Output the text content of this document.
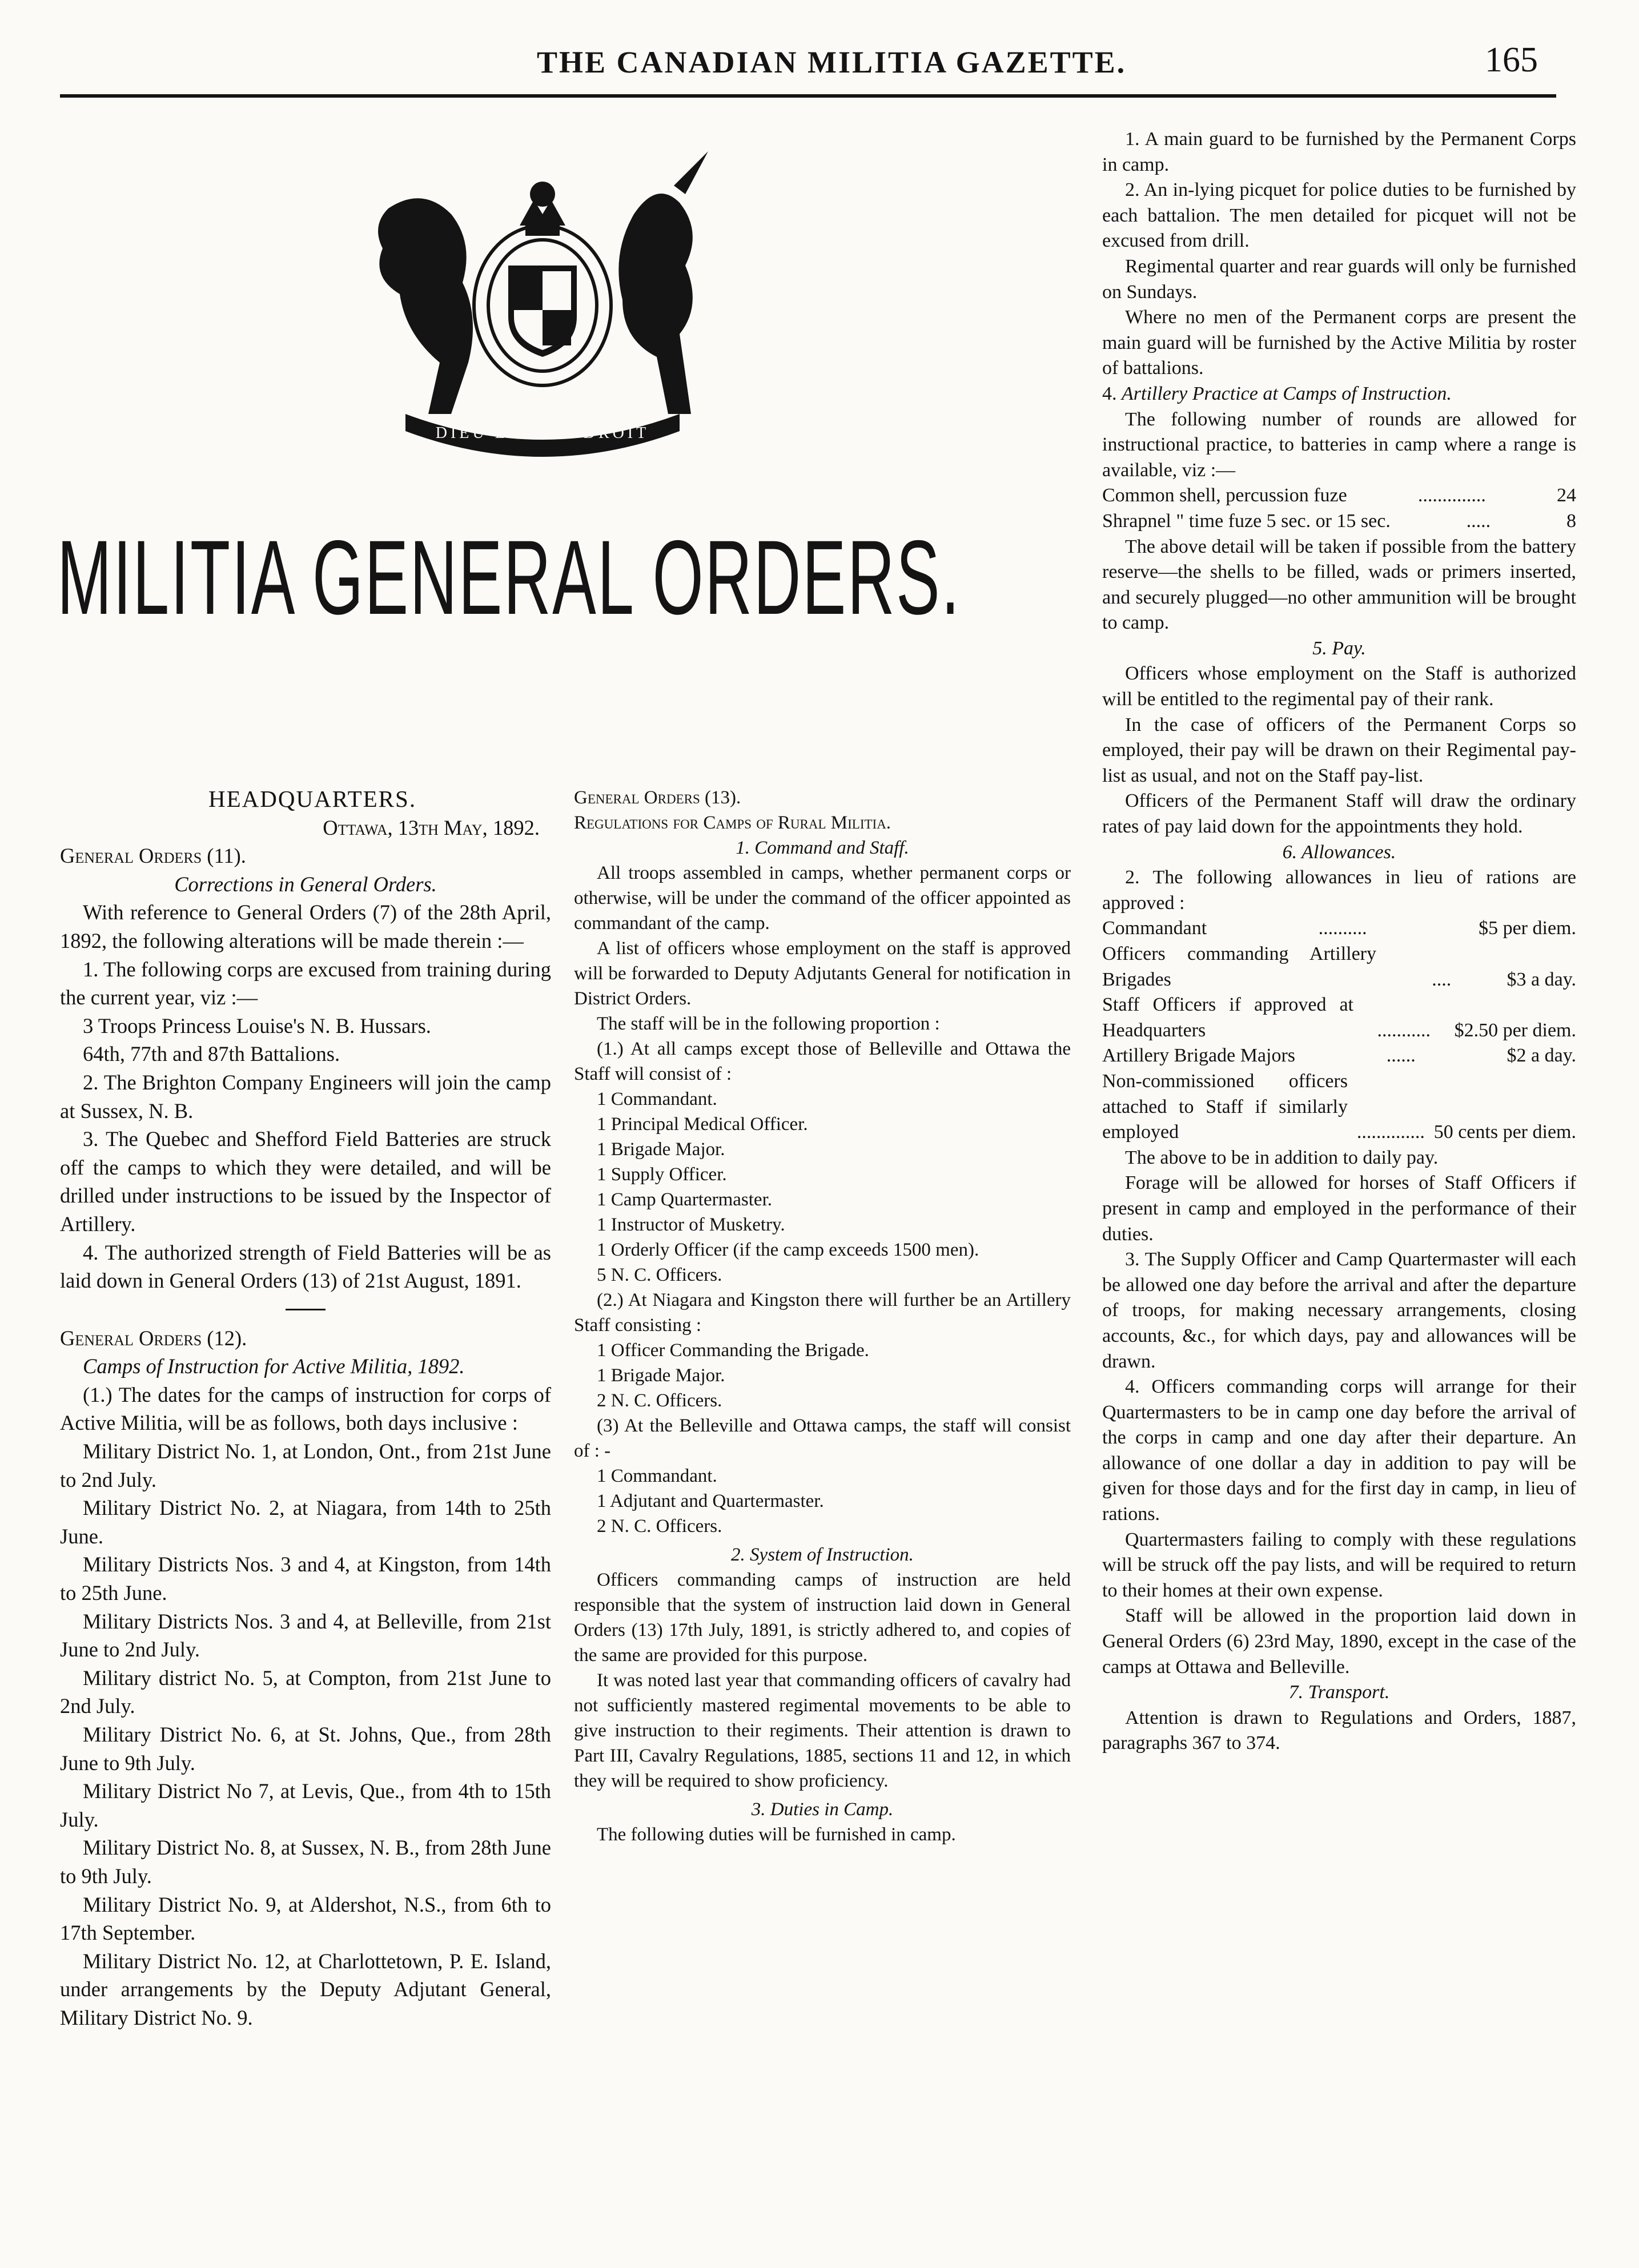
THE CANADIAN MILITIA GAZETTE.	165
DIEU ET MON DROIT
MILITIA GENERAL ORDERS.

HEADQUARTERS.

Ottawa, 13th May, 1892.

General Orders (11).

Corrections in General Orders.

With reference to General Orders (7) of the 28th April, 1892, the following alterations will be made therein :—

1. The following corps are excused from training during the current year, viz :—

3 Troops Princess Louise's N. B. Hussars.

64th, 77th and 87th Battalions.

2. The Brighton Company Engineers will join the camp at Sussex, N. B.

3. The Quebec and Shefford Field Batteries are struck off the camps to which they were detailed, and will be drilled under instructions to be issued by the Inspector of Artillery.

4. The authorized strength of Field Batteries will be as laid down in General Orders (13) of 21st August, 1891.

General Orders (12).

Camps of Instruction for Active Militia, 1892.

(1.) The dates for the camps of instruction for corps of Active Militia, will be as follows, both days inclusive :

Military District No. 1, at London, Ont., from 21st June to 2nd July.

Military District No. 2, at Niagara, from 14th to 25th June.

Military Districts Nos. 3 and 4, at Kingston, from 14th to 25th June.

Military Districts Nos. 3 and 4, at Belleville, from 21st June to 2nd July.

Military district No. 5, at Compton, from 21st June to 2nd July.

Military District No. 6, at St. Johns, Que., from 28th June to 9th July.

Military District No 7, at Levis, Que., from 4th to 15th July.

Military District No. 8, at Sussex, N. B., from 28th June to 9th July.

Military District No. 9, at Aldershot, N.S., from 6th to 17th September.

Military District No. 12, at Charlottetown, P. E. Island, under arrangements by the Deputy Adjutant General, Military District No. 9.

General Orders (13).

Regulations for Camps of Rural Militia.

1. Command and Staff.

All troops assembled in camps, whether permanent corps or otherwise, will be under the command of the officer appointed as commandant of the camp.

A list of officers whose employment on the staff is approved will be forwarded to Deputy Adjutants General for notification in District Orders.

The staff will be in the following proportion :

(1.) At all camps except those of Belleville and Ottawa the Staff will consist of :

1 Commandant.

1 Principal Medical Officer.

1 Brigade Major.

1 Supply Officer.

1 Camp Quartermaster.

1 Instructor of Musketry.

1 Orderly Officer (if the camp exceeds 1500 men).

5 N. C. Officers.

(2.) At Niagara and Kingston there will further be an Artillery Staff consisting :

1 Officer Commanding the Brigade.

1 Brigade Major.

2 N. C. Officers.

(3) At the Belleville and Ottawa camps, the staff will consist of : -

1 Commandant.

1 Adjutant and Quartermaster.

2 N. C. Officers.

2. System of Instruction.

Officers commanding camps of instruction are held responsible that the system of instruction laid down in General Orders (13) 17th July, 1891, is strictly adhered to, and copies of the same are provided for this purpose.

It was noted last year that commanding officers of cavalry had not sufficiently mastered regimental movements to be able to give instruction to their regiments. Their attention is drawn to Part III, Cavalry Regulations, 1885, sections 11 and 12, in which they will be required to show proficiency.

3. Duties in Camp.

The following duties will be furnished in camp.

1. A main guard to be furnished by the Permanent Corps in camp.

2. An in-lying picquet for police duties to be furnished by each battalion. The men detailed for picquet will not be excused from drill.

Regimental quarter and rear guards will only be furnished on Sundays.

Where no men of the Permanent corps are present the main guard will be furnished by the Active Militia by roster of battalions.

4. Artillery Practice at Camps of Instruction.

The following number of rounds are allowed for instructional practice, to batteries in camp where a range is available, viz :—

Common shell, percussion fuze	..............	24
Shrapnel " time fuze 5 sec. or 15 sec.	.....	8

The above detail will be taken if possible from the battery reserve—the shells to be filled, wads or primers inserted, and securely plugged—no other ammunition will be brought to camp.

5. Pay.

Officers whose employment on the Staff is authorized will be entitled to the regimental pay of their rank.

In the case of officers of the Permanent Corps so employed, their pay will be drawn on their Regimental pay-list as usual, and not on the Staff pay-list.

Officers of the Permanent Staff will draw the ordinary rates of pay laid down for the appointments they hold.

6. Allowances.

2. The following allowances in lieu of rations are approved :

Commandant	..........	$5 per diem.
Officers commanding Artillery Brigades	....	$3 a day.
Staff Officers if approved at Headquarters	........... $2.50 per diem.
Artillery Brigade Majors	......	$2 a day.
Non-commissioned officers attached to Staff if similarly employed	.............. 50 cents per diem.

The above to be in addition to daily pay.

Forage will be allowed for horses of Staff Officers if present in camp and employed in the performance of their duties.

3. The Supply Officer and Camp Quartermaster will each be allowed one day before the arrival and after the departure of troops, for making necessary arrangements, closing accounts, &c., for which days, pay and allowances will be drawn.

4. Officers commanding corps will arrange for their Quartermasters to be in camp one day before the arrival of the corps in camp and one day after their departure. An allowance of one dollar a day in addition to pay will be given for those days and for the first day in camp, in lieu of rations.

Quartermasters failing to comply with these regulations will be struck off the pay lists, and will be required to return to their homes at their own expense.

Staff will be allowed in the proportion laid down in General Orders (6) 23rd May, 1890, except in the case of the camps at Ottawa and Belleville.

7. Transport.

Attention is drawn to Regulations and Orders, 1887, paragraphs 367 to 374.
